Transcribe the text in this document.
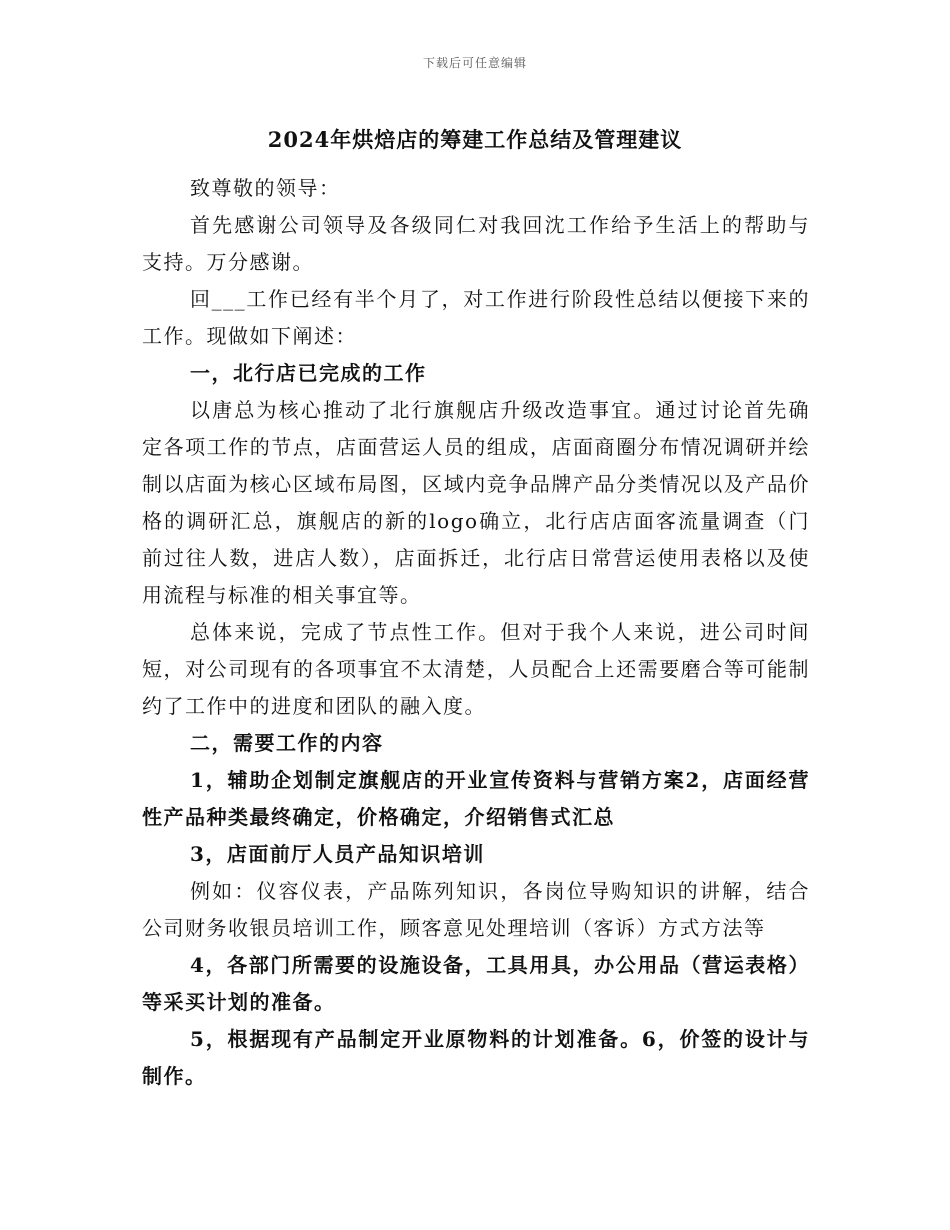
下载后可任意编辑
2024年烘焙店的筹建工作总结及管理建议

致尊敬的领导：

首先感谢公司领导及各级同仁对我回沈工作给予生活上的帮助与支持。万分感谢。

回___工作已经有半个月了，对工作进行阶段性总结以便接下来的工作。现做如下阐述：

一，北行店已完成的工作

以唐总为核心推动了北行旗舰店升级改造事宜。通过讨论首先确定各项工作的节点，店面营运人员的组成，店面商圈分布情况调研并绘制以店面为核心区域布局图，区域内竞争品牌产品分类情况以及产品价格的调研汇总，旗舰店的新的logo确立，北行店店面客流量调查（门前过往人数，进店人数），店面拆迁，北行店日常营运使用表格以及使用流程与标准的相关事宜等。

总体来说，完成了节点性工作。但对于我个人来说，进公司时间短，对公司现有的各项事宜不太清楚，人员配合上还需要磨合等可能制约了工作中的进度和团队的融入度。

二，需要工作的内容

1，辅助企划制定旗舰店的开业宣传资料与营销方案2，店面经营性产品种类最终确定，价格确定，介绍销售式汇总

3，店面前厅人员产品知识培训

例如：仪容仪表，产品陈列知识，各岗位导购知识的讲解，结合公司财务收银员培训工作，顾客意见处理培训（客诉）方式方法等

4，各部门所需要的设施设备，工具用具，办公用品（营运表格）等采买计划的准备。

5，根据现有产品制定开业原物料的计划准备。6，价签的设计与制作。
